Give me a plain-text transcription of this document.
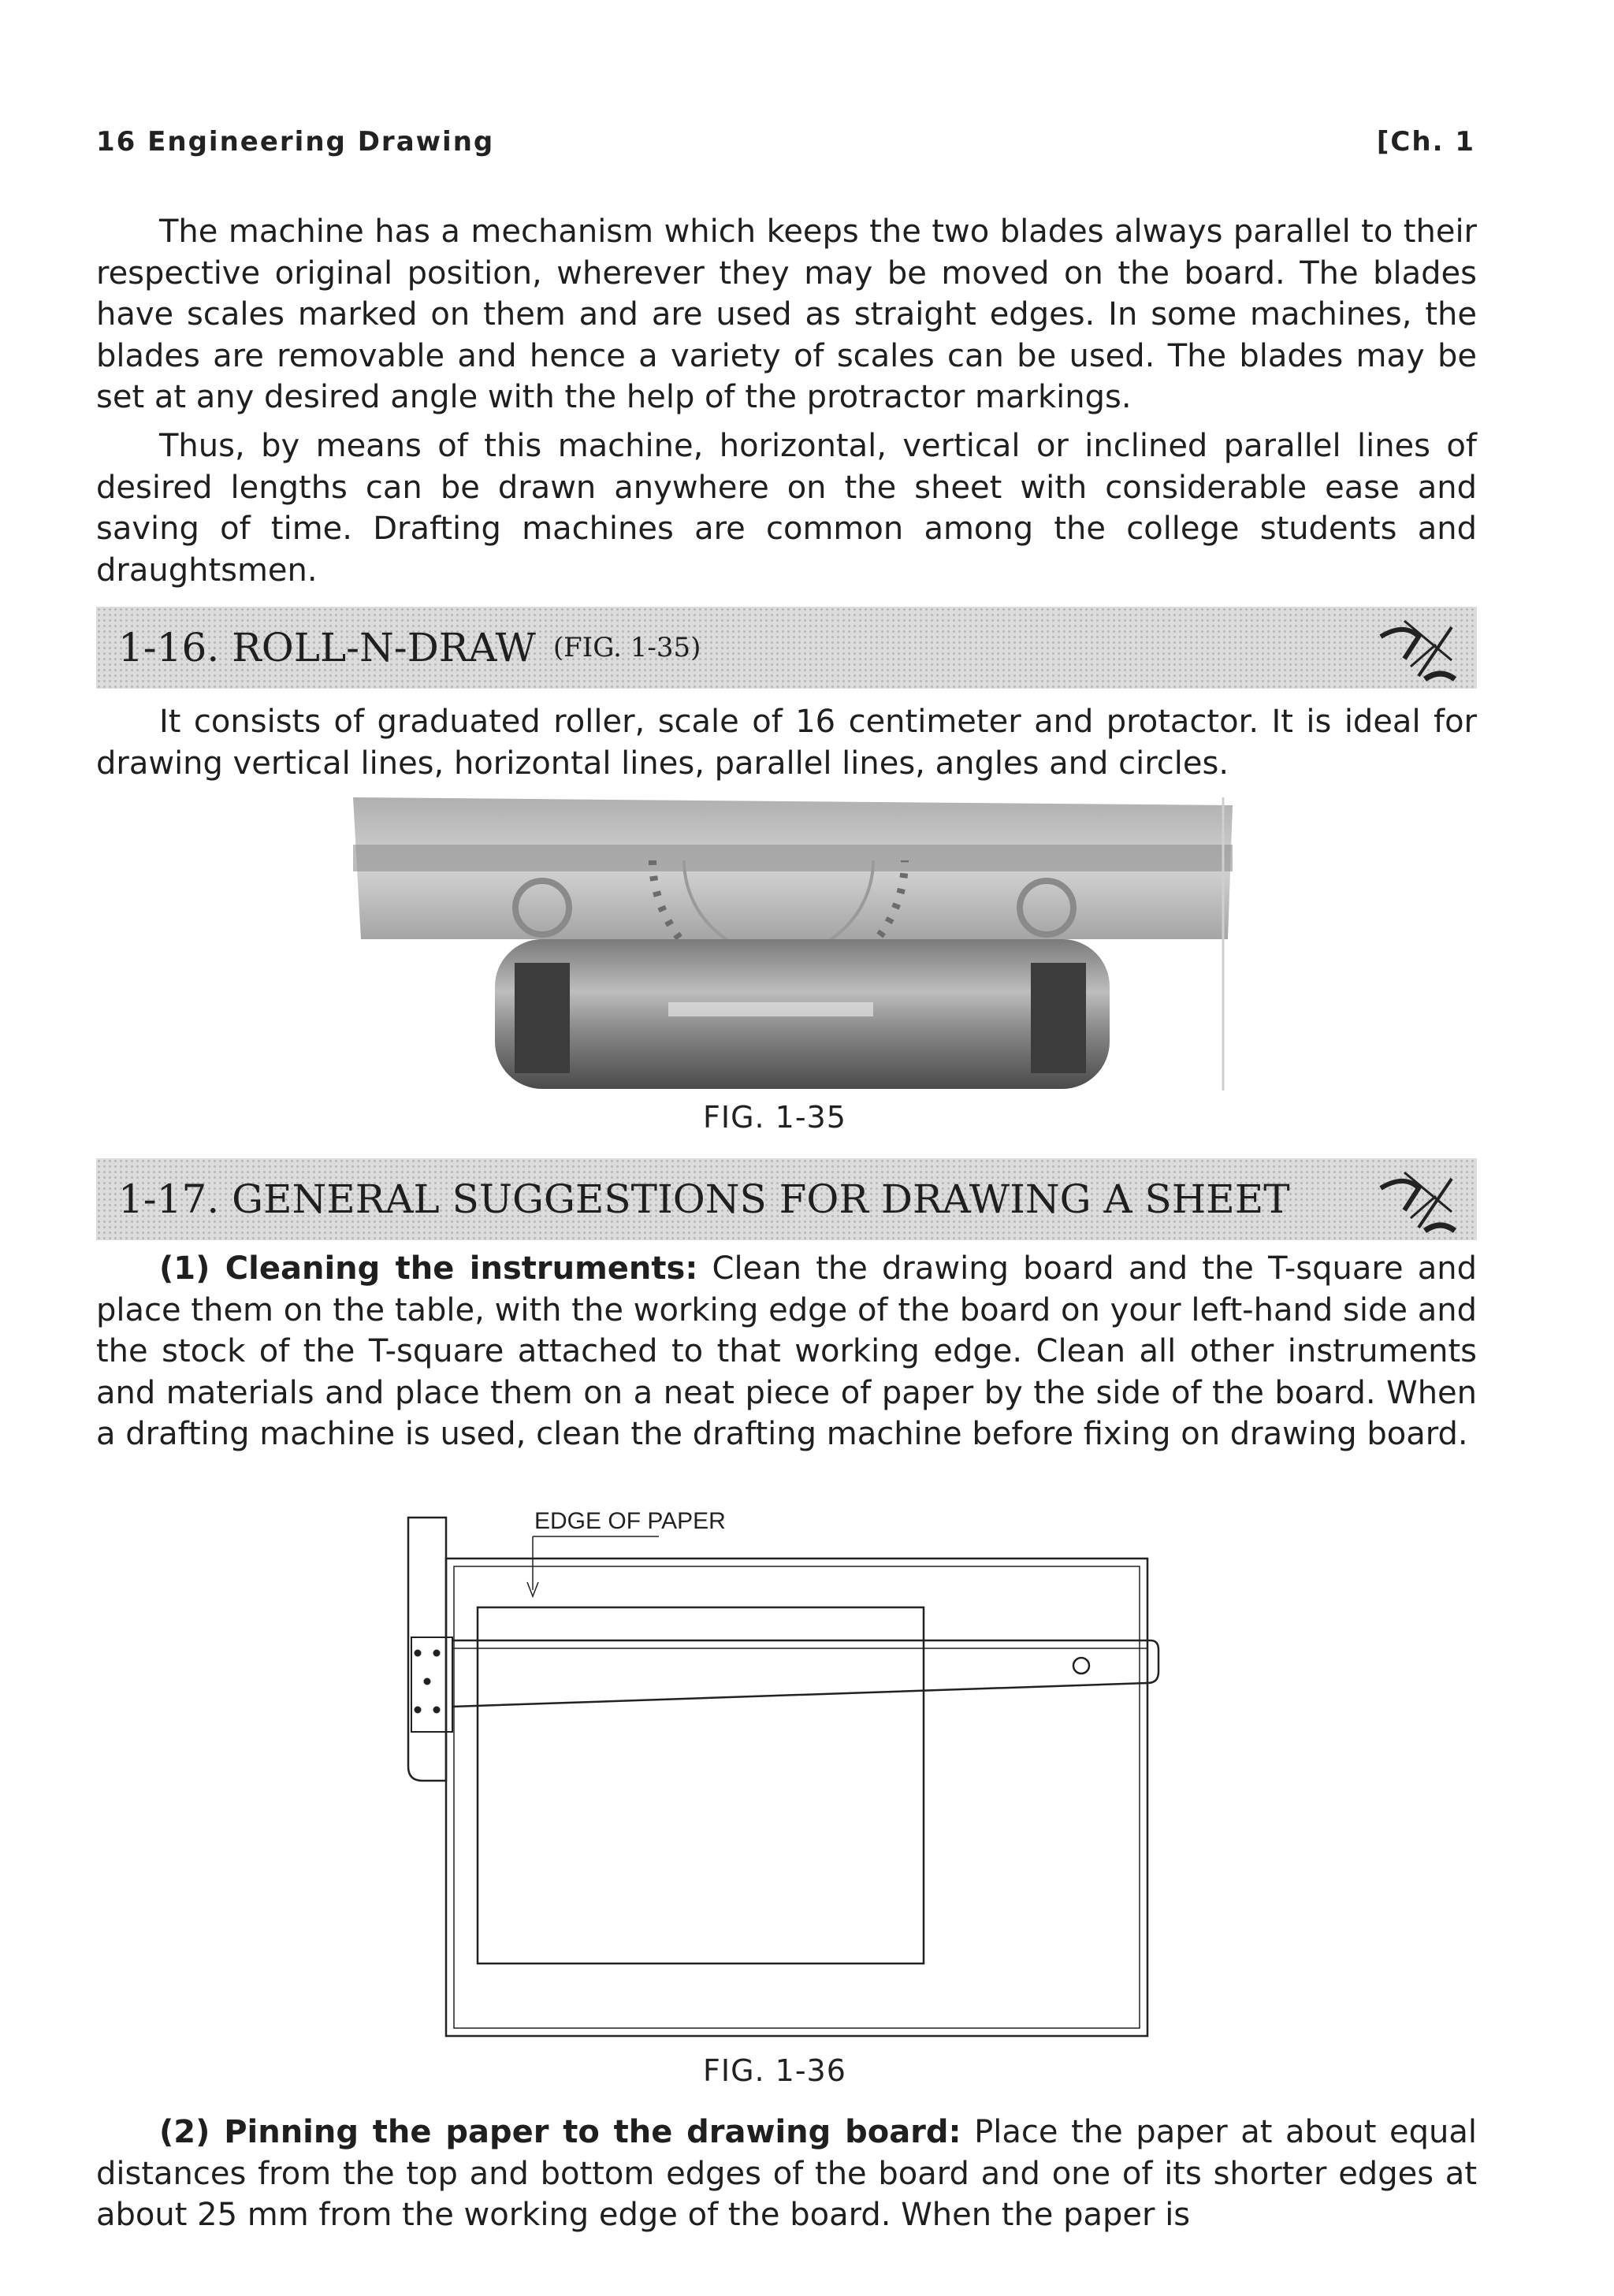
16 Engineering Drawing	[Ch. 1

The machine has a mechanism which keeps the two blades always parallel to their respective original position, wherever they may be moved on the board. The blades have scales marked on them and are used as straight edges. In some machines, the blades are removable and hence a variety of scales can be used. The blades may be set at any desired angle with the help of the protractor markings.

Thus, by means of this machine, horizontal, vertical or inclined parallel lines of desired lengths can be drawn anywhere on the sheet with considerable ease and saving of time. Drafting machines are common among the college students and draughtsmen.

1-16. ROLL-N-DRAW (FIG. 1-35)

It consists of graduated roller, scale of 16 centimeter and protactor. It is ideal for drawing vertical lines, horizontal lines, parallel lines, angles and circles.

FIG. 1-35
1-17. GENERAL SUGGESTIONS FOR DRAWING A SHEET

(1) Cleaning the instruments: Clean the drawing board and the T-square and place them on the table, with the working edge of the board on your left-hand side and the stock of the T-square attached to that working edge. Clean all other instruments and materials and place them on a neat piece of paper by the side of the board. When a drafting machine is used, clean the drafting machine before fixing on drawing board.

EDGE OF PAPER
FIG. 1-36

(2) Pinning the paper to the drawing board: Place the paper at about equal distances from the top and bottom edges of the board and one of its shorter edges at about 25 mm from the working edge of the board. When the paper is
